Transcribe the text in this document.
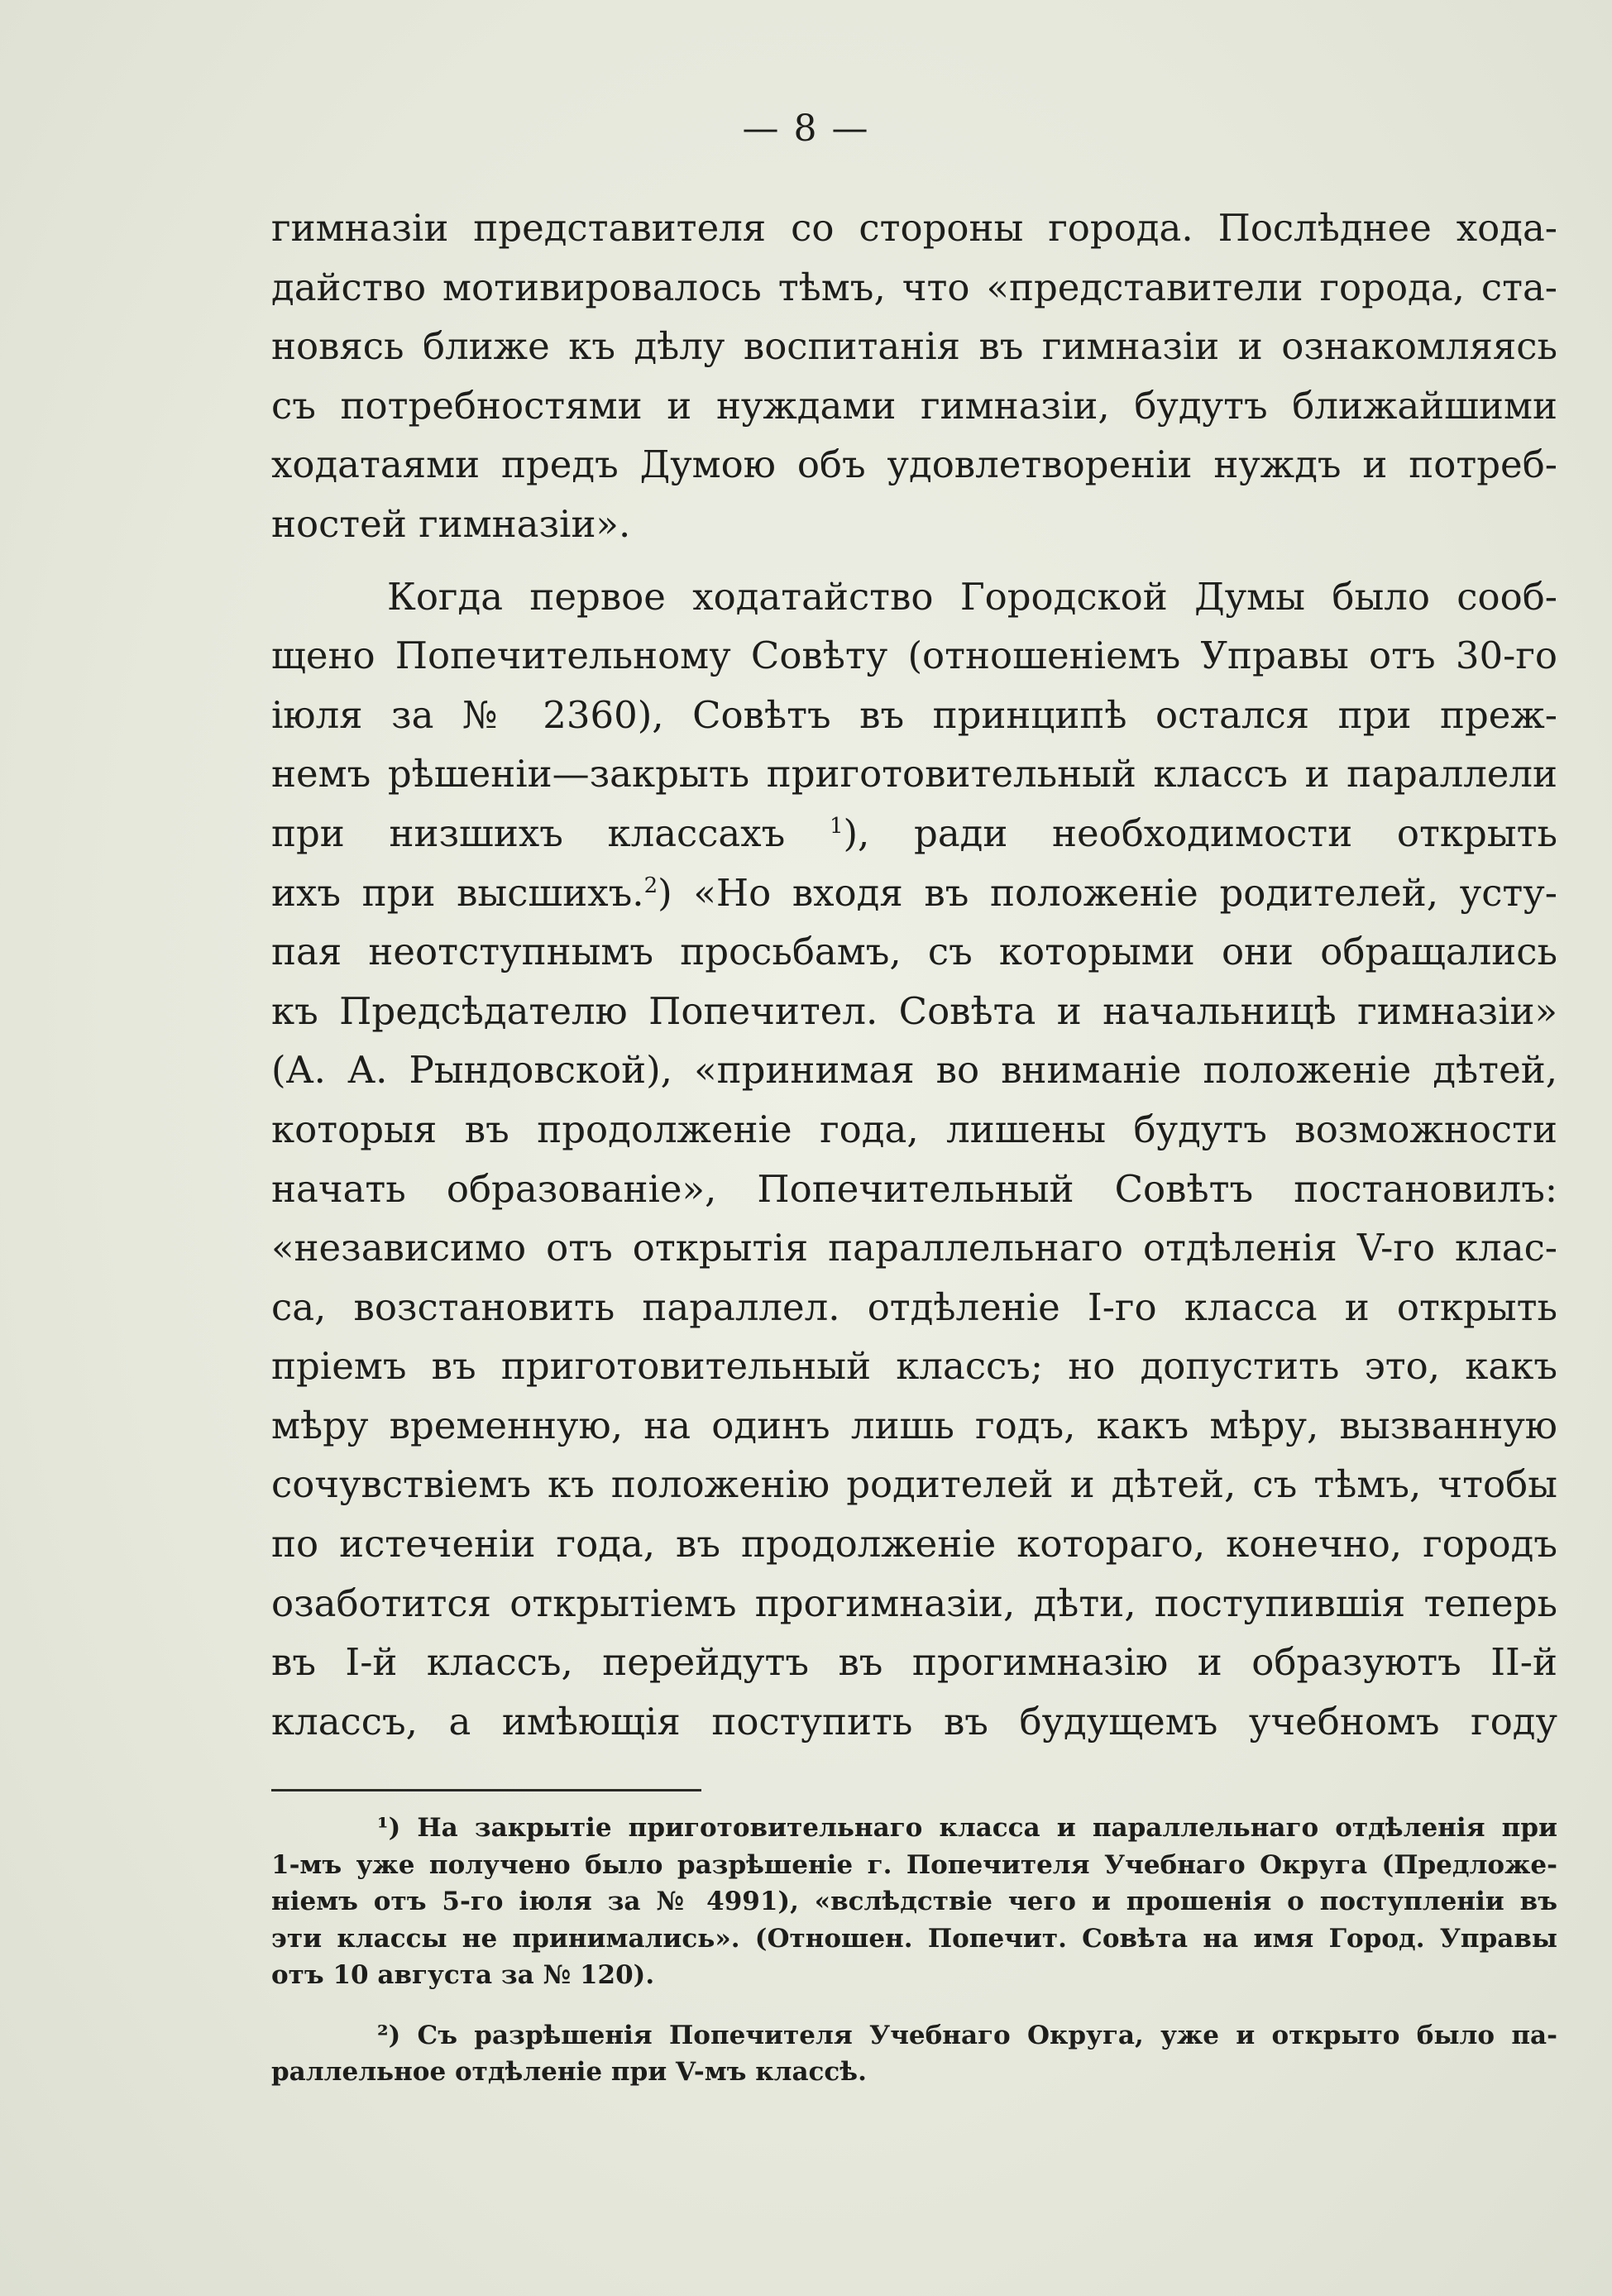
— 8 —
гимназіи представителя со стороны города. Послѣднее хода-
дайство мотивировалось тѣмъ, что «представители города, ста-
новясь ближе къ дѣлу воспитанія въ гимназіи и ознакомляясь
съ потребностями и нуждами гимназіи, будутъ ближайшими
ходатаями предъ Думою объ удовлетвореніи нуждъ и потреб-
ностей гимназіи».
Когда первое ходатайство Городской Думы было сооб-
щено Попечительному Совѣту (отношеніемъ Управы отъ 30-го
іюля за № 2360), Совѣтъ въ принципѣ остался при преж-
немъ рѣшеніи—закрыть приготовительный классъ и параллели
при низшихъ классахъ $^1$), ради необходимости открыть
ихъ при высшихъ.$^2$) «Но входя въ положеніе родителей, усту-
пая неотступнымъ просьбамъ, съ которыми они обращались
къ Предсѣдателю Попечител. Совѣта и начальницѣ гимназіи»
(А. А. Рындовской), «принимая во вниманіе положеніе дѣтей,
которыя въ продолженіе года, лишены будутъ возможности
начать образованіе», Попечительный Совѣтъ постановилъ:
«независимо отъ открытія параллельнаго отдѣленія V-го клас-
са, возстановить параллел. отдѣленіе I-го класса и открыть
пріемъ въ приготовительный классъ; но допустить это, какъ
мѣру временную, на одинъ лишь годъ, какъ мѣру, вызванную
сочувствіемъ къ положенію родителей и дѣтей, съ тѣмъ, чтобы
по истеченіи года, въ продолженіе котораго, конечно, городъ
озаботится открытіемъ прогимназіи, дѣти, поступившія теперь
въ I-й классъ, перейдутъ въ прогимназію и образуютъ II-й
классъ, а имѣющія поступить въ будущемъ учебномъ году
¹) На закрытіе приготовительнаго класса и параллельнаго отдѣленія при
1-мъ уже получено было разрѣшеніе г. Попечителя Учебнаго Округа (Предложе-
ніемъ отъ 5-го іюля за № 4991), «вслѣдствіе чего и прошенія о поступленіи въ
эти классы не принимались». (Отношен. Попечит. Совѣта на имя Город. Управы
отъ 10 августа за № 120).
²) Съ разрѣшенія Попечителя Учебнаго Округа, уже и открыто было па-
раллельное отдѣленіе при V-мъ классѣ.
